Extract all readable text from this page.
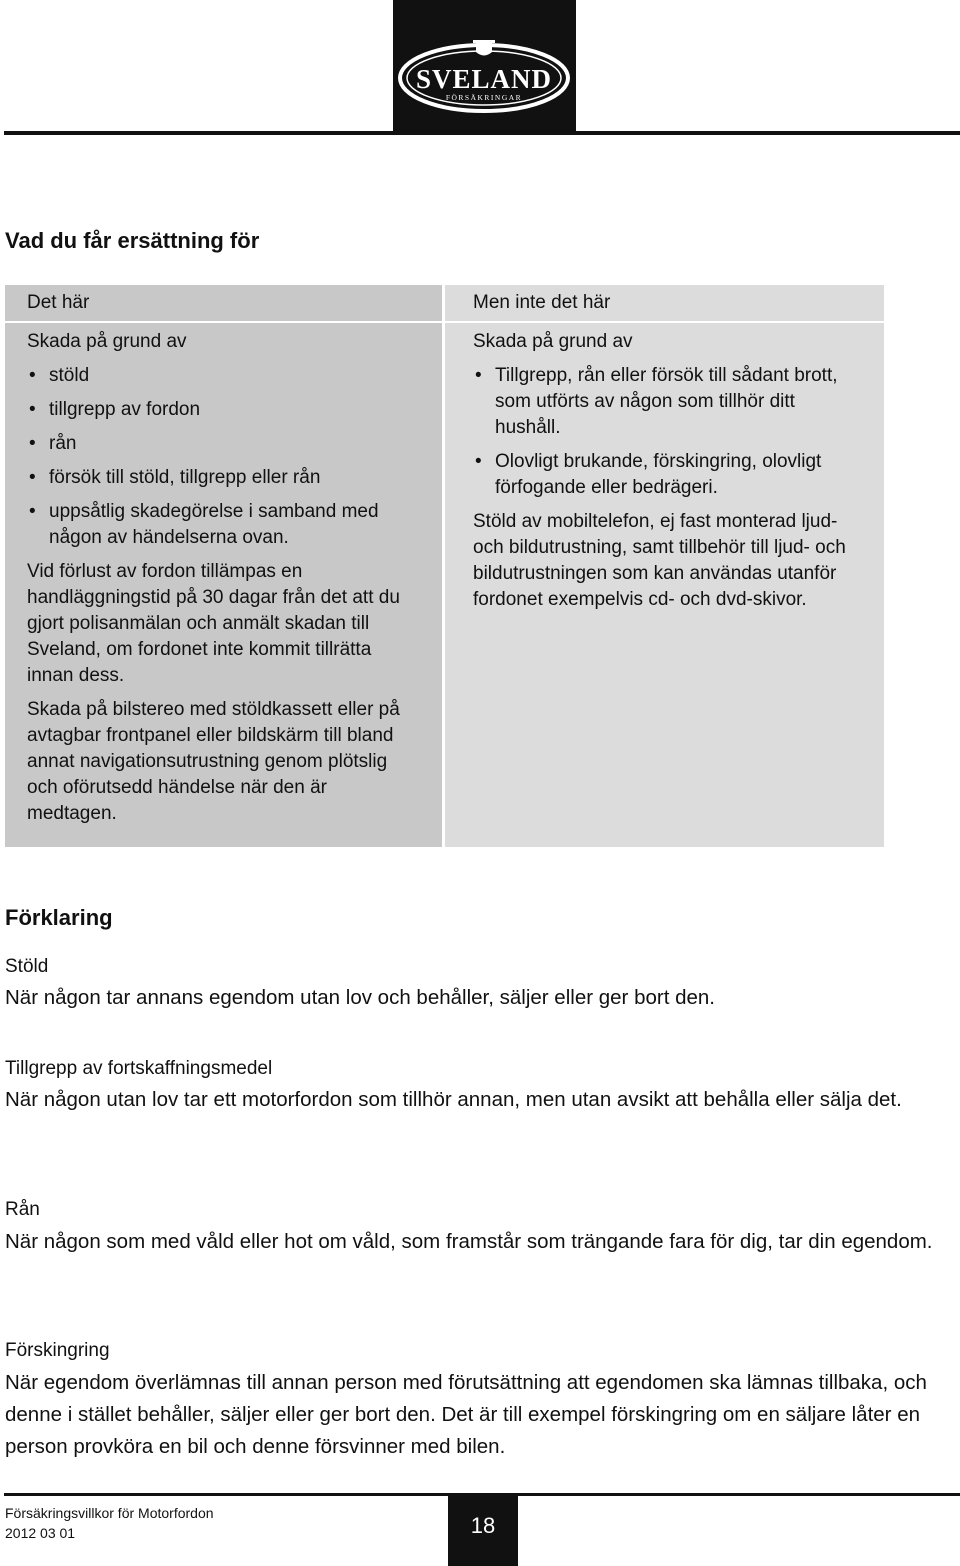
SVELAND
FÖRSÄKRINGAR
Vad du får ersättning för
Det här

Skada på grund av

• stöld
• tillgrepp av fordon
• rån
• försök till stöld, tillgrepp eller rån
• uppsåtlig skadegörelse i samband med någon av händelserna ovan.

Vid förlust av fordon tillämpas en handläggningstid på 30 dagar från det att du gjort polisanmälan och anmält skadan till Sveland, om fordonet inte kommit tillrätta innan dess.

Skada på bilstereo med stöldkassett eller på avtagbar frontpanel eller bildskärm till bland annat navigationsutrustning genom plötslig och oförutsedd händelse när den är medtagen.

Men inte det här

Skada på grund av

• Tillgrepp, rån eller försök till sådant brott, som utförts av någon som tillhör ditt hushåll.
• Olovligt brukande, förskingring, olovligt förfogande eller bedrägeri.

Stöld av mobiltelefon, ej fast monterad ljud- och bildutrustning, samt tillbehör till ljud- och bildutrustningen som kan användas utanför fordonet exempelvis cd- och dvd-skivor.

Förklaring
Stöld

När någon tar annans egendom utan lov och behåller, säljer eller ger bort den.

Tillgrepp av fortskaffningsmedel

När någon utan lov tar ett motorfordon som tillhör annan, men utan avsikt att behålla eller sälja det.

Rån

När någon som med våld eller hot om våld, som framstår som trängande fara för dig, tar din egendom.

Förskingring

När egendom överlämnas till annan person med förutsättning att egendomen ska lämnas tillbaka, och denne i stället behåller, säljer eller ger bort den. Det är till exempel förskingring om en säljare låter en person provköra en bil och denne försvinner med bilen.

Försäkringsvillkor för Motorfordon
2012 03 01	18
